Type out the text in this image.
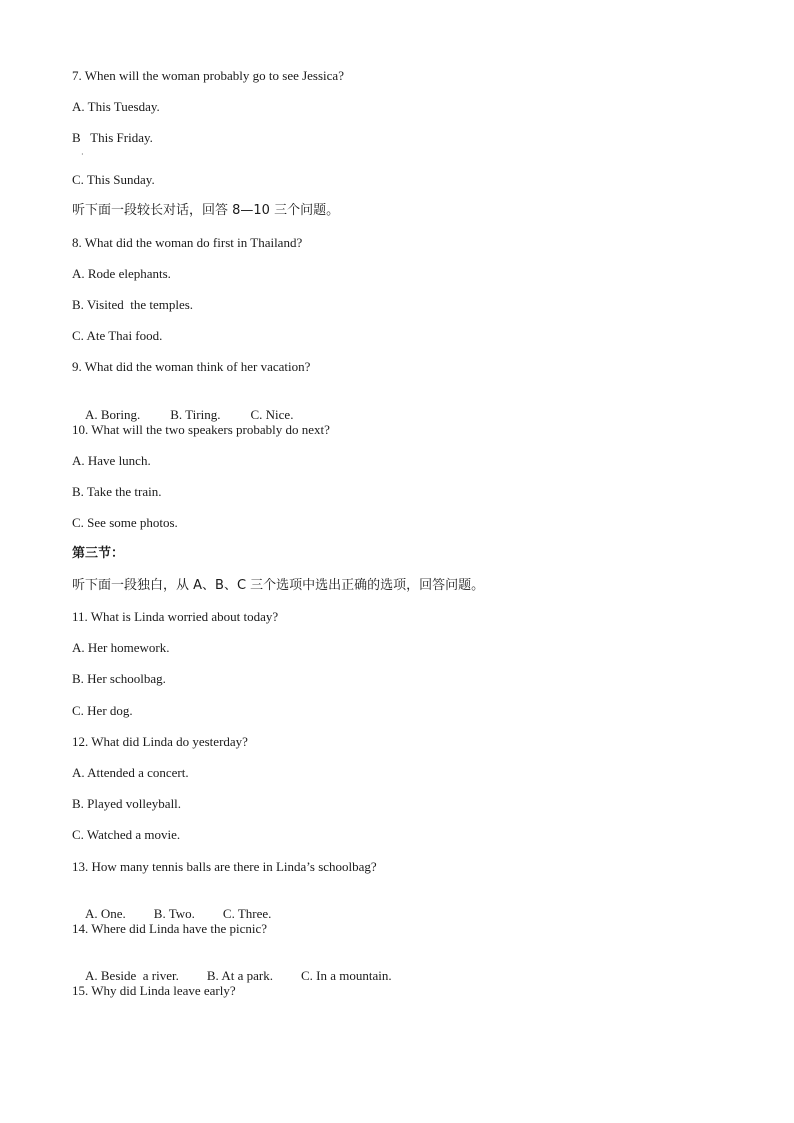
7. When will the woman probably go to see Jessica?
A. This Tuesday.
B   This Friday.
·
C. This Sunday.
听下面一段较长对话，回答 8—10 三个问题。
8. What did the woman do first in Thailand?
A. Rode elephants.
B. Visited  the temples.
C. Ate Thai food.
9. What did the woman think of her vacation?

A. Boring. B. Tiring. C. Nice.

10. What will the two speakers probably do next?
A. Have lunch.
B. Take the train.
C. See some photos.
第三节：
听下面一段独白，从 A、B、C 三个选项中选出正确的选项，回答问题。
11. What is Linda worried about today?
A. Her homework.
B. Her schoolbag.
C. Her dog.
12. What did Linda do yesterday?
A. Attended a concert.
B. Played volleyball.
C. Watched a movie.
13. How many tennis balls are there in Linda’s schoolbag?

A. One. B. Two. C. Three.

14. Where did Linda have the picnic?

A. Beside  a river. B. At a park. C. In a mountain.

15. Why did Linda leave early?
